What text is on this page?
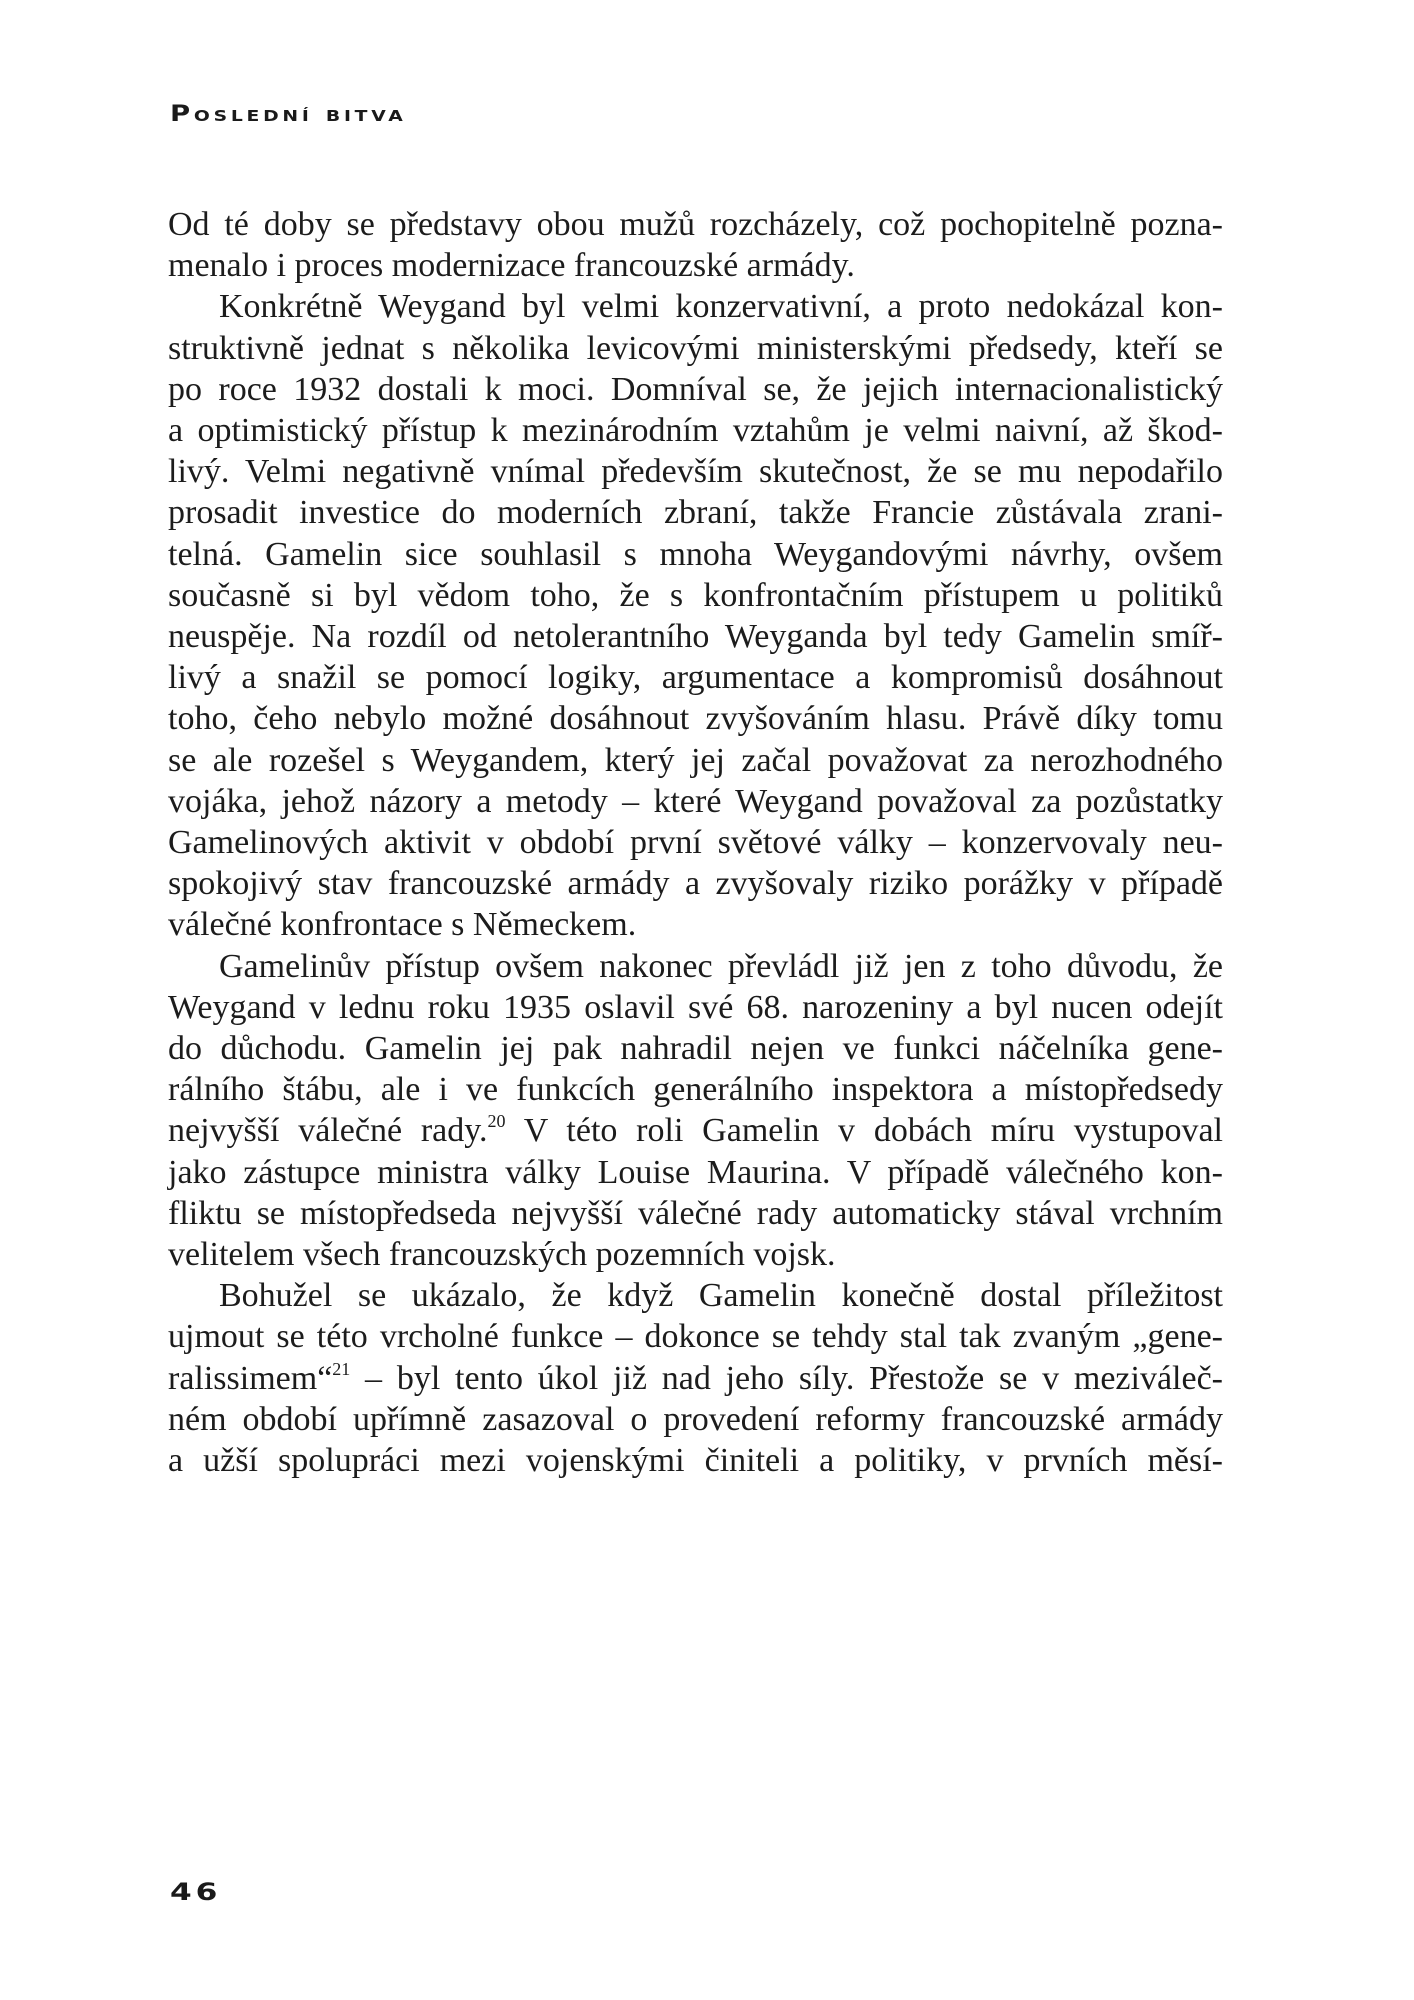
Poslední bitva
Od té doby se představy obou mužů rozcházely, což pochopitelně pozna-
menalo i proces modernizace francouzské armády.
Konkrétně Weygand byl velmi konzervativní, a proto nedokázal kon-
struktivně jednat s několika levicovými ministerskými předsedy, kteří se
po roce 1932 dostali k moci. Domníval se, že jejich internacionalistický
a optimistický přístup k mezinárodním vztahům je velmi naivní, až škod-
livý. Velmi negativně vnímal především skutečnost, že se mu nepodařilo
prosadit investice do moderních zbraní, takže Francie zůstávala zrani-
telná. Gamelin sice souhlasil s mnoha Weygandovými návrhy, ovšem
současně si byl vědom toho, že s konfrontačním přístupem u politiků
neuspěje. Na rozdíl od netolerantního Weyganda byl tedy Gamelin smíř-
livý a snažil se pomocí logiky, argumentace a kompromisů dosáhnout
toho, čeho nebylo možné dosáhnout zvyšováním hlasu. Právě díky tomu
se ale rozešel s Weygandem, který jej začal považovat za nerozhodného
vojáka, jehož názory a metody – které Weygand považoval za pozůstatky
Gamelinových aktivit v období první světové války – konzervovaly neu-
spokojivý stav francouzské armády a zvyšovaly riziko porážky v případě
válečné konfrontace s Německem.
Gamelinův přístup ovšem nakonec převládl již jen z toho důvodu, že
Weygand v lednu roku 1935 oslavil své 68. narozeniny a byl nucen odejít
do důchodu. Gamelin jej pak nahradil nejen ve funkci náčelníka gene-
rálního štábu, ale i ve funkcích generálního inspektora a místopředsedy
nejvyšší válečné rady.$^{20}$ V této roli Gamelin v dobách míru vystupoval
jako zástupce ministra války Louise Maurina. V případě válečného kon-
fliktu se místopředseda nejvyšší válečné rady automaticky stával vrchním
velitelem všech francouzských pozemních vojsk.
Bohužel se ukázalo, že když Gamelin konečně dostal příležitost
ujmout se této vrcholné funkce – dokonce se tehdy stal tak zvaným „gene-
ralissimem“$^{21}$ – byl tento úkol již nad jeho síly. Přestože se v meziváleč-
ném období upřímně zasazoval o provedení reformy francouzské armády
a užší spolupráci mezi vojenskými činiteli a politiky, v prvních měsí-
46
